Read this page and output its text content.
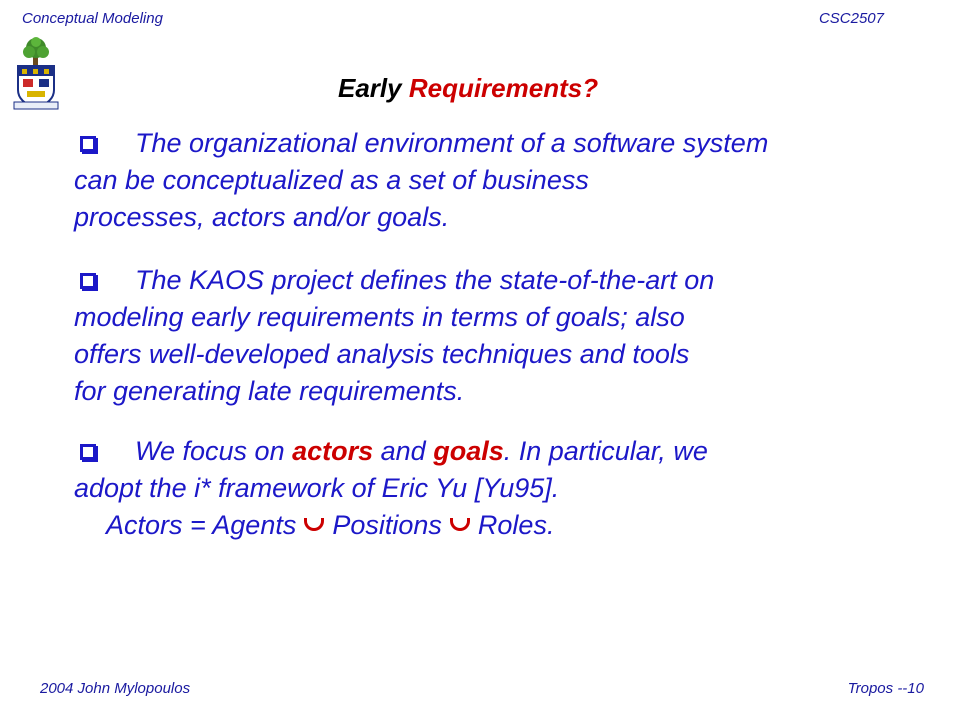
Conceptual Modeling	CSC2507
Early Requirements?

The organizational environment of a software system

can be conceptualized as a set of business

processes, actors and/or goals.

The KAOS project defines the state-of-the-art on

modeling early requirements in terms of goals; also

offers well-developed analysis techniques and tools

for generating late requirements.

We focus on actors and goals. In particular, we

adopt the i* framework of Eric Yu [Yu95].

Actors = Agents Positions Roles.

2004 John Mylopoulos	Tropos --10
